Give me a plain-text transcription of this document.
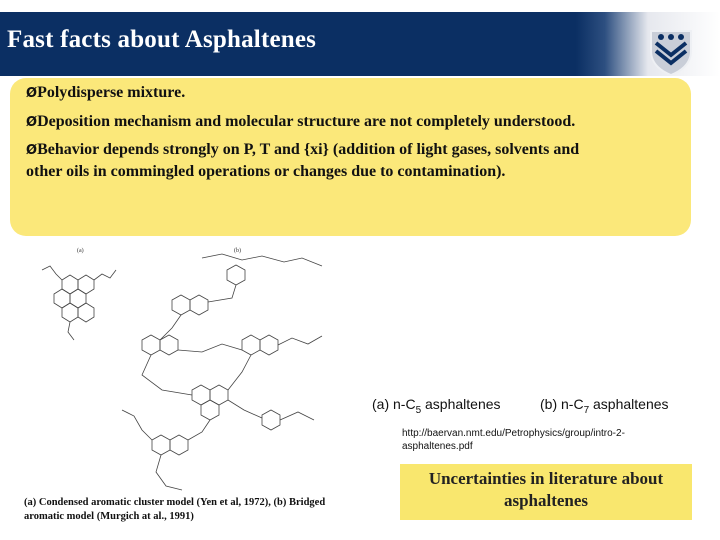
Fast facts about Asphaltenes
ØPolydisperse mixture.
ØDeposition mechanism and molecular structure are not completely understood.
ØBehavior depends strongly on P, T and {xi} (addition of light gases, solvents and
other oils in commingled operations or changes due to contamination).
(a)	(b)
(a) $n-C_5$ asphaltenes	(b) $n-C_7$ asphaltenes
http://baervan.nmt.edu/Petrophysics/group/intro-2-
asphaltenes.pdf
(a) Condensed aromatic cluster model (Yen et al, 1972), (b) Bridged
aromatic model (Murgich at al., 1991)
Uncertainties in literature about
asphaltenes
